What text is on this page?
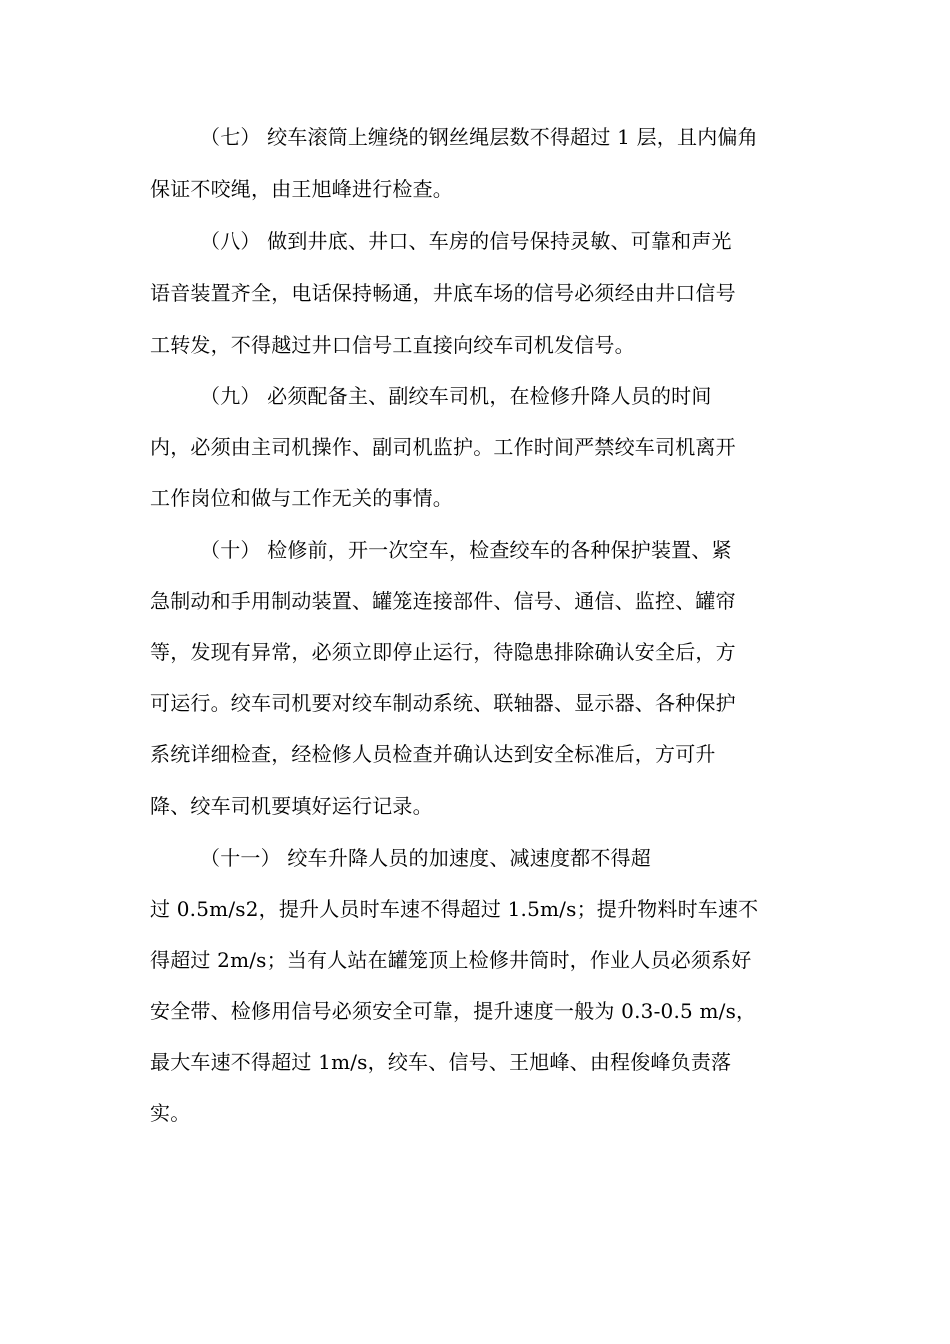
（七） 绞车滚筒上缠绕的钢丝绳层数不得超过 1 层，且内偏角
保证不咬绳，由王旭峰进行检查。
（八） 做到井底、井口、车房的信号保持灵敏、可靠和声光
语音装置齐全，电话保持畅通，井底车场的信号必须经由井口信号
工转发，不得越过井口信号工直接向绞车司机发信号。
（九） 必须配备主、副绞车司机，在检修升降人员的时间
内，必须由主司机操作、副司机监护。工作时间严禁绞车司机离开
工作岗位和做与工作无关的事情。
（十） 检修前，开一次空车，检查绞车的各种保护装置、紧
急制动和手用制动装置、罐笼连接部件、信号、通信、监控、罐帘
等，发现有异常，必须立即停止运行，待隐患排除确认安全后，方
可运行。绞车司机要对绞车制动系统、联轴器、显示器、各种保护
系统详细检查，经检修人员检查并确认达到安全标准后，方可升
降、绞车司机要填好运行记录。
（十一） 绞车升降人员的加速度、减速度都不得超
过 0.5m/s2，提升人员时车速不得超过 1.5m/s；提升物料时车速不
得超过 2m/s；当有人站在罐笼顶上检修井筒时，作业人员必须系好
安全带、检修用信号必须安全可靠，提升速度一般为 0.3-0.5 m/s，
最大车速不得超过 1m/s，绞车、信号、王旭峰、由程俊峰负责落
实。
